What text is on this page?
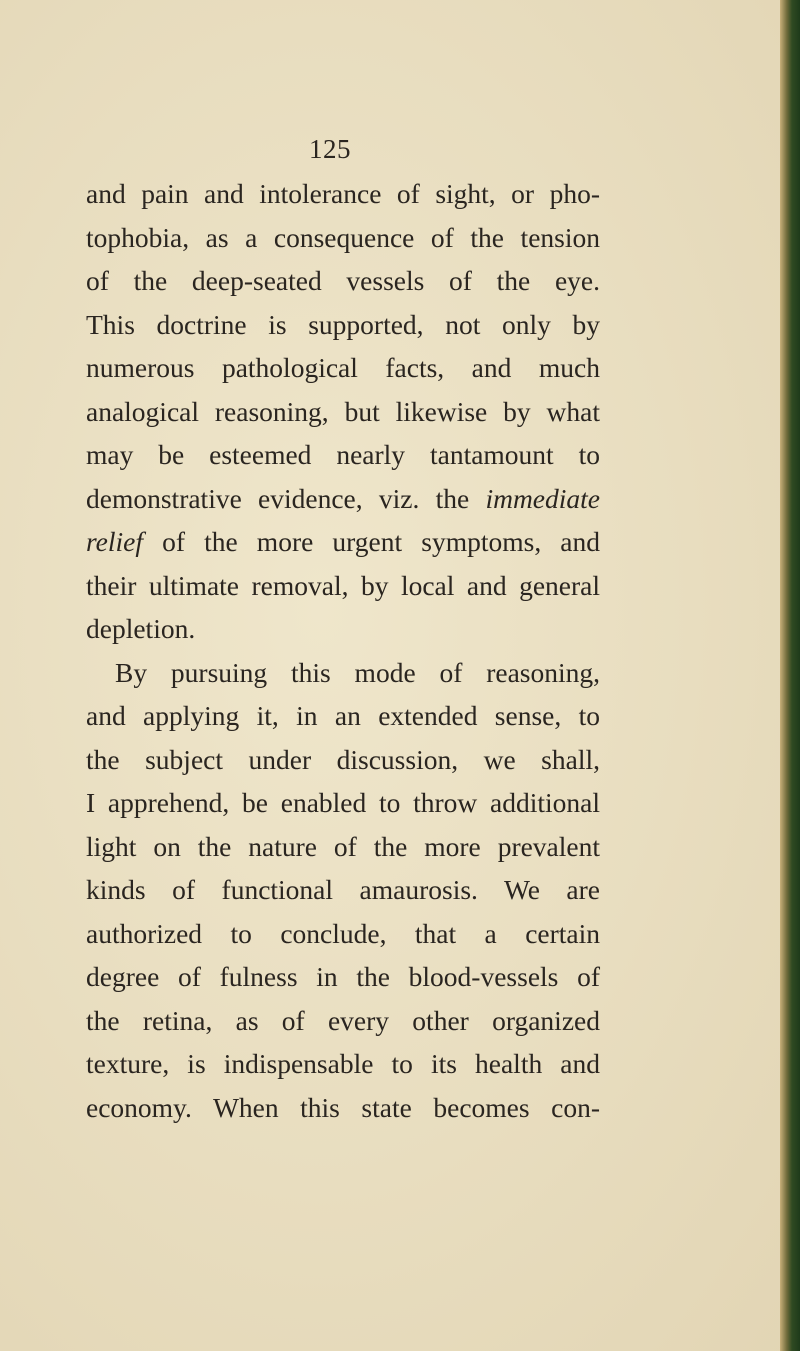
125
and pain and intolerance of sight, or pho-
tophobia, as a consequence of the tension
of the deep-seated vessels of the eye.
This doctrine is supported, not only by
numerous pathological facts, and much
analogical reasoning, but likewise by what
may be esteemed nearly tantamount to
demonstrative evidence, viz. the immediate
relief of the more urgent symptoms, and
their ultimate removal, by local and general
depletion.
By pursuing this mode of reasoning,
and applying it, in an extended sense, to
the subject under discussion, we shall,
I apprehend, be enabled to throw additional
light on the nature of the more prevalent
kinds of functional amaurosis. We are
authorized to conclude, that a certain
degree of fulness in the blood-vessels of
the retina, as of every other organized
texture, is indispensable to its health and
economy. When this state becomes con-
